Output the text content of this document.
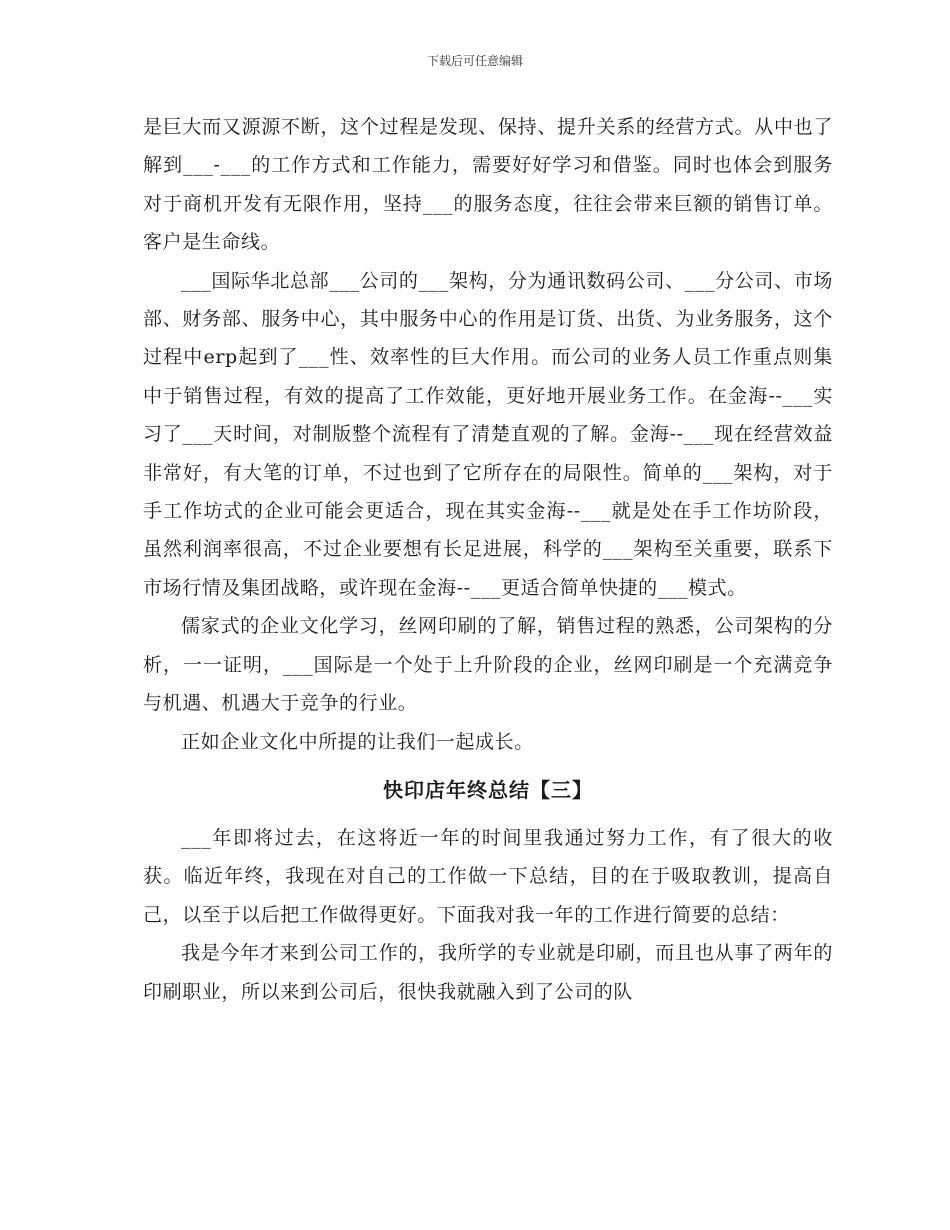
下载后可任意编辑

是巨大而又源源不断，这个过程是发现、保持、提升关系的经营方式。从中也了解到___-___的工作方式和工作能力，需要好好学习和借鉴。同时也体会到服务对于商机开发有无限作用，坚持___的服务态度，往往会带来巨额的销售订单。客户是生命线。

___国际华北总部___公司的___架构，分为通讯数码公司、___分公司、市场部、财务部、服务中心，其中服务中心的作用是订货、出货、为业务服务，这个过程中erp起到了___性、效率性的巨大作用。而公司的业务人员工作重点则集中于销售过程，有效的提高了工作效能，更好地开展业务工作。在金海--___实习了___天时间，对制版整个流程有了清楚直观的了解。金海--___现在经营效益非常好，有大笔的订单，不过也到了它所存在的局限性。简单的___架构，对于手工作坊式的企业可能会更适合，现在其实金海--___就是处在手工作坊阶段，虽然利润率很高，不过企业要想有长足进展，科学的___架构至关重要，联系下市场行情及集团战略，或许现在金海--___更适合简单快捷的___模式。

儒家式的企业文化学习，丝网印刷的了解，销售过程的熟悉，公司架构的分析，一一证明，___国际是一个处于上升阶段的企业，丝网印刷是一个充满竞争与机遇、机遇大于竞争的行业。

正如企业文化中所提的让我们一起成长。

快印店年终总结【三】

___年即将过去，在这将近一年的时间里我通过努力工作，有了很大的收获。临近年终，我现在对自己的工作做一下总结，目的在于吸取教训，提高自己，以至于以后把工作做得更好。下面我对我一年的工作进行简要的总结：

我是今年才来到公司工作的，我所学的专业就是印刷，而且也从事了两年的印刷职业，所以来到公司后，很快我就融入到了公司的队
